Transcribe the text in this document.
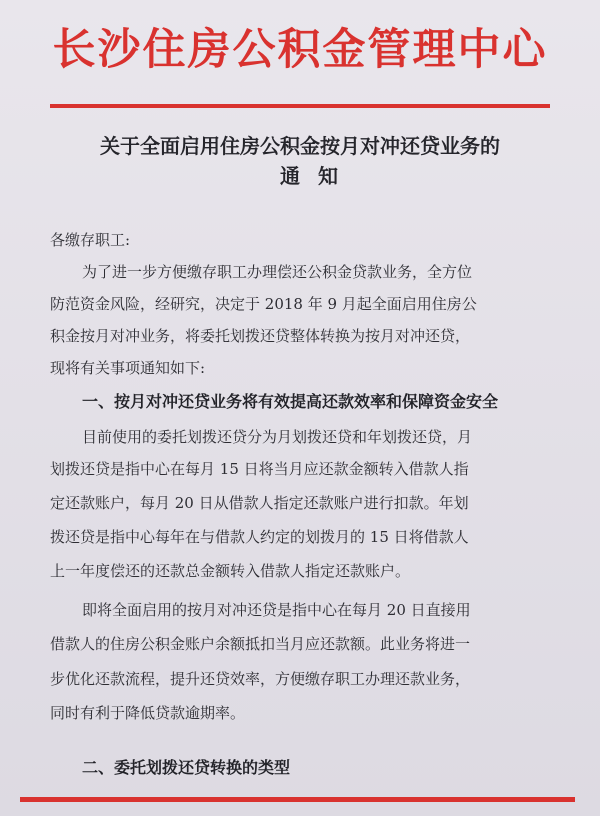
长沙住房公积金管理中心
关于全面启用住房公积金按月对冲还贷业务的
通知
各缴存职工:
为了进一步方便缴存职工办理偿还公积金贷款业务，全方位
防范资金风险，经研究，决定于 2018 年 9 月起全面启用住房公
积金按月对冲业务，将委托划拨还贷整体转换为按月对冲还贷，
现将有关事项通知如下:
一、按月对冲还贷业务将有效提高还款效率和保障资金安全
目前使用的委托划拨还贷分为月划拨还贷和年划拨还贷，月
划拨还贷是指中心在每月 15 日将当月应还款金额转入借款人指
定还款账户，每月 20 日从借款人指定还款账户进行扣款。年划
拨还贷是指中心每年在与借款人约定的划拨月的 15 日将借款人
上一年度偿还的还款总金额转入借款人指定还款账户。
即将全面启用的按月对冲还贷是指中心在每月 20 日直接用
借款人的住房公积金账户余额抵扣当月应还款额。此业务将进一
步优化还款流程，提升还贷效率，方便缴存职工办理还款业务，
同时有利于降低贷款逾期率。
二、委托划拨还贷转换的类型
